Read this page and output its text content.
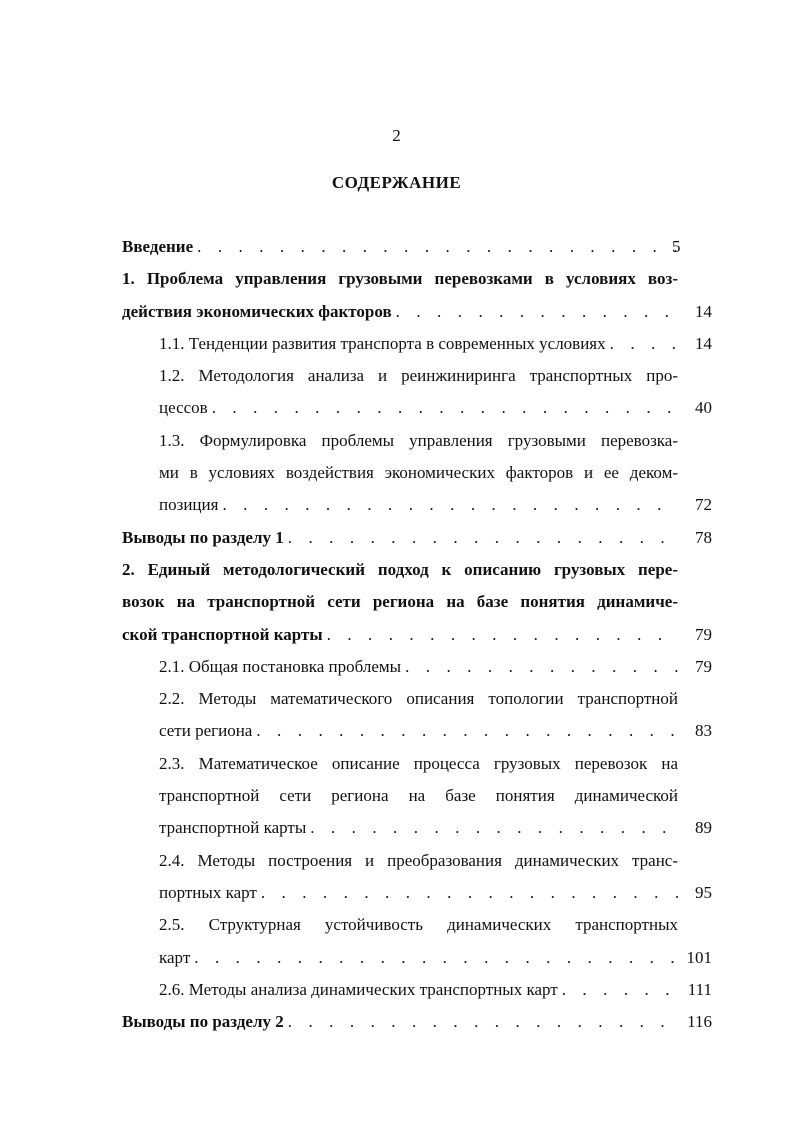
2
СОДЕРЖАНИЕ
Введение . . .	5
1. Проблема управления грузовыми перевозками в условиях воз-
действия экономических факторов . . .	14
1.1. Тенденции развития транспорта в современных условиях . . .	14
1.2. Методология анализа и реинжиниринга транспортных про-
цессов . . .	40
1.3. Формулировка проблемы управления грузовыми перевозка-
ми в условиях воздействия экономических факторов и ее деком-
позиция . . .	72
Выводы по разделу 1 . . .	78
2. Единый методологический подход к описанию грузовых пере-
возок на транспортной сети региона на базе понятия динамиче-
ской транспортной карты . . .	79
2.1. Общая постановка проблемы . . .	79
2.2. Методы математического описания топологии транспортной
сети региона . . .	83
2.3. Математическое описание процесса грузовых перевозок на
транспортной сети региона на базе понятия динамической
транспортной карты . . .	89
2.4. Методы построения и преобразования динамических транс-
портных карт . . .	95
2.5. Структурная устойчивость динамических транспортных
карт . . .	101
2.6. Методы анализа динамических транспортных карт . . .	111
Выводы по разделу 2 . . .	116
